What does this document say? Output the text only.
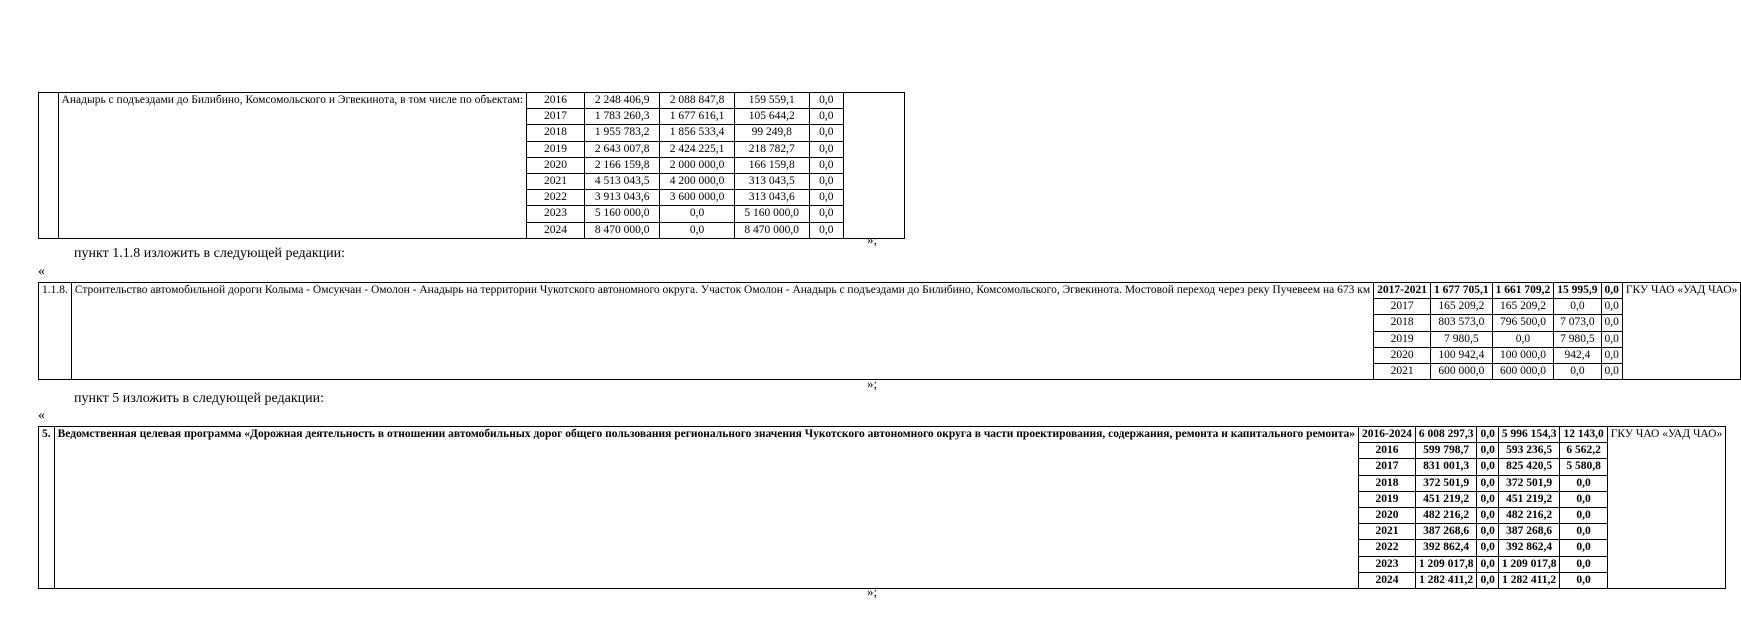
	Анадырь с подъездами до Билибино, Комсомольского и Эгвекинота, в том числе по объектам:	2016	2 248 406,9	2 088 847,8	159 559,1	0,0	
		2017	1 783 260,3	1 677 616,1	105 644,2	0,0	
		2018	1 955 783,2	1 856 533,4	99 249,8	0,0	
		2019	2 643 007,8	2 424 225,1	218 782,7	0,0	
		2020	2 166 159,8	2 000 000,0	166 159,8	0,0	
		2021	4 513 043,5	4 200 000,0	313 043,5	0,0	
		2022	3 913 043,6	3 600 000,0	313 043,6	0,0	
		2023	5 160 000,0	0,0	5 160 000,0	0,0	
		2024	8 470 000,0	0,0	8 470 000,0	0,0	
»;
пункт 1.1.8 изложить в следующей редакции:
«
1.1.8.	Строительство автомобильной дороги Колыма - Омсукчан - Омолон - Анадырь на территории Чукотского автономного округа. Участок Омолон - Анадырь с подъездами до Билибино, Комсомольского, Эгвекинота. Мостовой переход через реку Пучевеем на 673 км	2017-2021	1 677 705,1	1 661 709,2	15 995,9	0,0	ГКУ ЧАО «УАД ЧАО»
		2017	165 209,2	165 209,2	0,0	0,0	
		2018	803 573,0	796 500,0	7 073,0	0,0	
		2019	7 980,5	0,0	7 980,5	0,0	
		2020	100 942,4	100 000,0	942,4	0,0	
		2021	600 000,0	600 000,0	0,0	0,0	
»;
пункт 5 изложить в следующей редакции:
«
5.	Ведомственная целевая программа «Дорожная деятельность в отношении автомобильных дорог общего пользования регионального значения Чукотского автономного округа в части проектирования, содержания, ремонта и капитального ремонта»	2016-2024	6 008 297,3	0,0	5 996 154,3	12 143,0	ГКУ ЧАО «УАД ЧАО»
		2016	599 798,7	0,0	593 236,5	6 562,2	
		2017	831 001,3	0,0	825 420,5	5 580,8	
		2018	372 501,9	0,0	372 501,9	0,0	
		2019	451 219,2	0,0	451 219,2	0,0	
		2020	482 216,2	0,0	482 216,2	0,0	
		2021	387 268,6	0,0	387 268,6	0,0	
		2022	392 862,4	0,0	392 862,4	0,0	
		2023	1 209 017,8	0,0	1 209 017,8	0,0	
		2024	1 282 411,2	0,0	1 282 411,2	0,0	
»;
